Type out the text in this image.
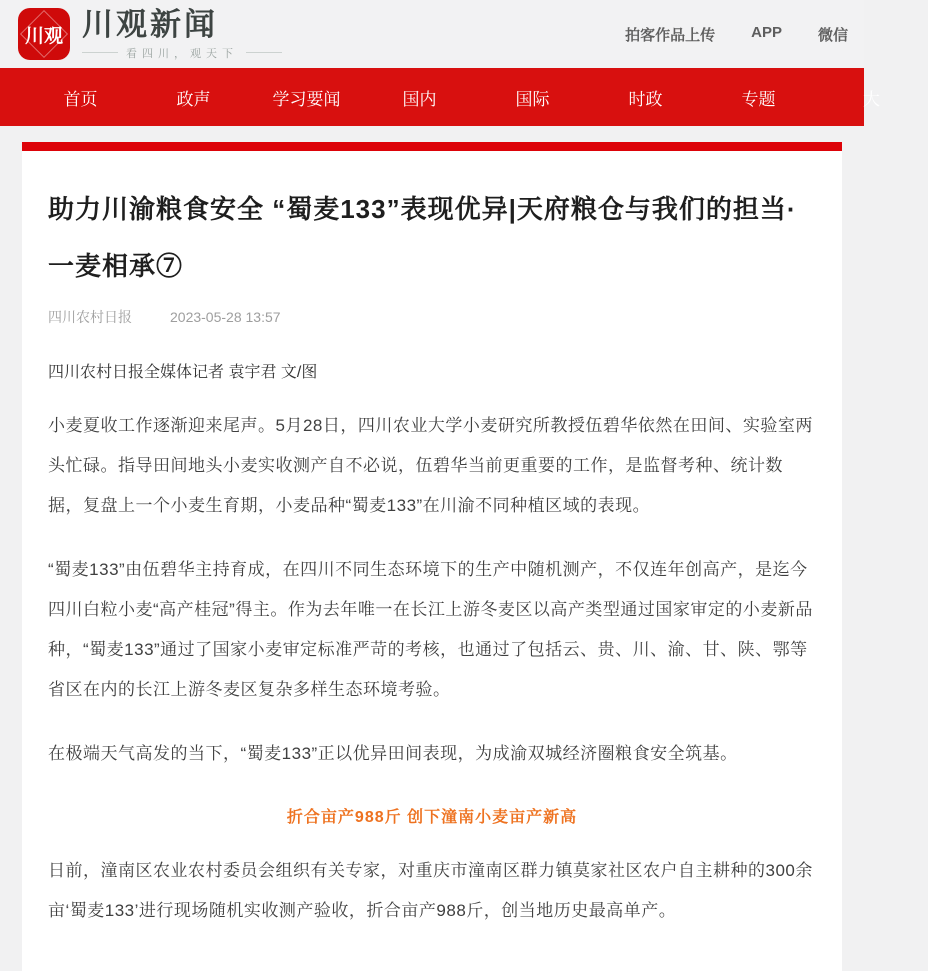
川观 川观新闻
看四川，观天下
拍客作品上传 APP 微信
首页	政声	学习要闻	国内	国际	时政	专题	大
助力川渝粮食安全 “蜀麦133”表现优异|天府粮仓与我们的担当·一麦相承⑦
四川农村日报	2023-05-28 13:57
四川农村日报全媒体记者 袁宇君 文/图

小麦夏收工作逐渐迎来尾声。5月28日，四川农业大学小麦研究所教授伍碧华依然在田间、实验室两头忙碌。指导田间地头小麦实收测产自不必说，伍碧华当前更重要的工作，是监督考种、统计数据，复盘上一个小麦生育期，小麦品种“蜀麦133”在川渝不同种植区域的表现。

“蜀麦133”由伍碧华主持育成，在四川不同生态环境下的生产中随机测产，不仅连年创高产，是迄今四川白粒小麦“高产桂冠”得主。作为去年唯一在长江上游冬麦区以高产类型通过国家审定的小麦新品种，“蜀麦133”通过了国家小麦审定标准严苛的考核，也通过了包括云、贵、川、渝、甘、陕、鄂等省区在内的长江上游冬麦区复杂多样生态环境考验。

在极端天气高发的当下，“蜀麦133”正以优异田间表现，为成渝双城经济圈粮食安全筑基。

折合亩产988斤 创下潼南小麦亩产新高

日前，潼南区农业农村委员会组织有关专家，对重庆市潼南区群力镇莫家社区农户自主耕种的300余亩‘蜀麦133’进行现场随机实收测产验收，折合亩产988斤，创当地历史最高单产。
